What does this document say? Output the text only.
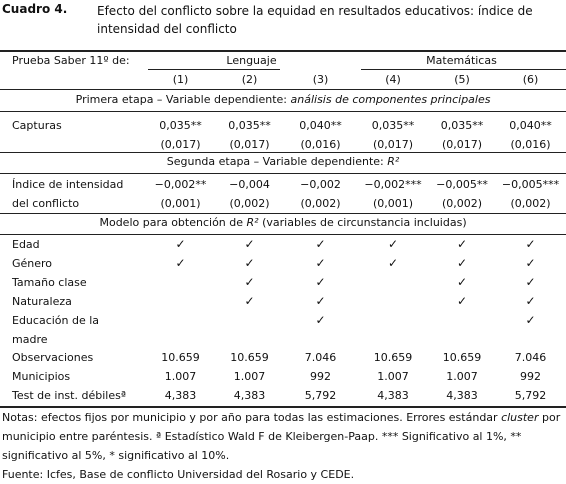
Cuadro 4. Efecto del conflicto sobre la equidad en resultados educativos: índice de intensidad del conflicto
Prueba Saber 11º de:	Lenguaje			Matemáticas		
	(1)	(2)	(3)	(4)	(5)	(6)
Primera etapa – Variable dependiente: análisis de componentes principales
Capturas	0,035**	0,035**	0,040**	0,035**	0,035**	0,040**
	(0,017)	(0,017)	(0,016)	(0,017)	(0,017)	(0,016)
Segunda etapa – Variable dependiente: R²
Índice de intensidad	−0,002**	−0,004	−0,002	−0,002***	−0,005**	−0,005***
del conflicto	(0,001)	(0,002)	(0,002)	(0,001)	(0,002)	(0,002)
Modelo para obtención de R² (variables de circunstancia incluidas)
Edad	✓	✓	✓	✓	✓	✓
Género	✓	✓	✓	✓	✓	✓
Tamaño clase		✓	✓		✓	✓
Naturaleza		✓	✓		✓	✓
Educación de la			✓			✓
madre						
Observaciones	10.659	10.659	7.046	10.659	10.659	7.046
Municipios	1.007	1.007	992	1.007	1.007	992
Test de inst. débilesª	4,383	4,383	5,792	4,383	4,383	5,792

Notas: efectos fijos por municipio y por año para todas las estimaciones. Errores estándar cluster por municipio entre paréntesis. ª Estadístico Wald F de Kleibergen-Paap. *** Significativo al 1%, ** significativo al 5%, * significativo al 10%.

Fuente: Icfes, Base de conflicto Universidad del Rosario y CEDE.
